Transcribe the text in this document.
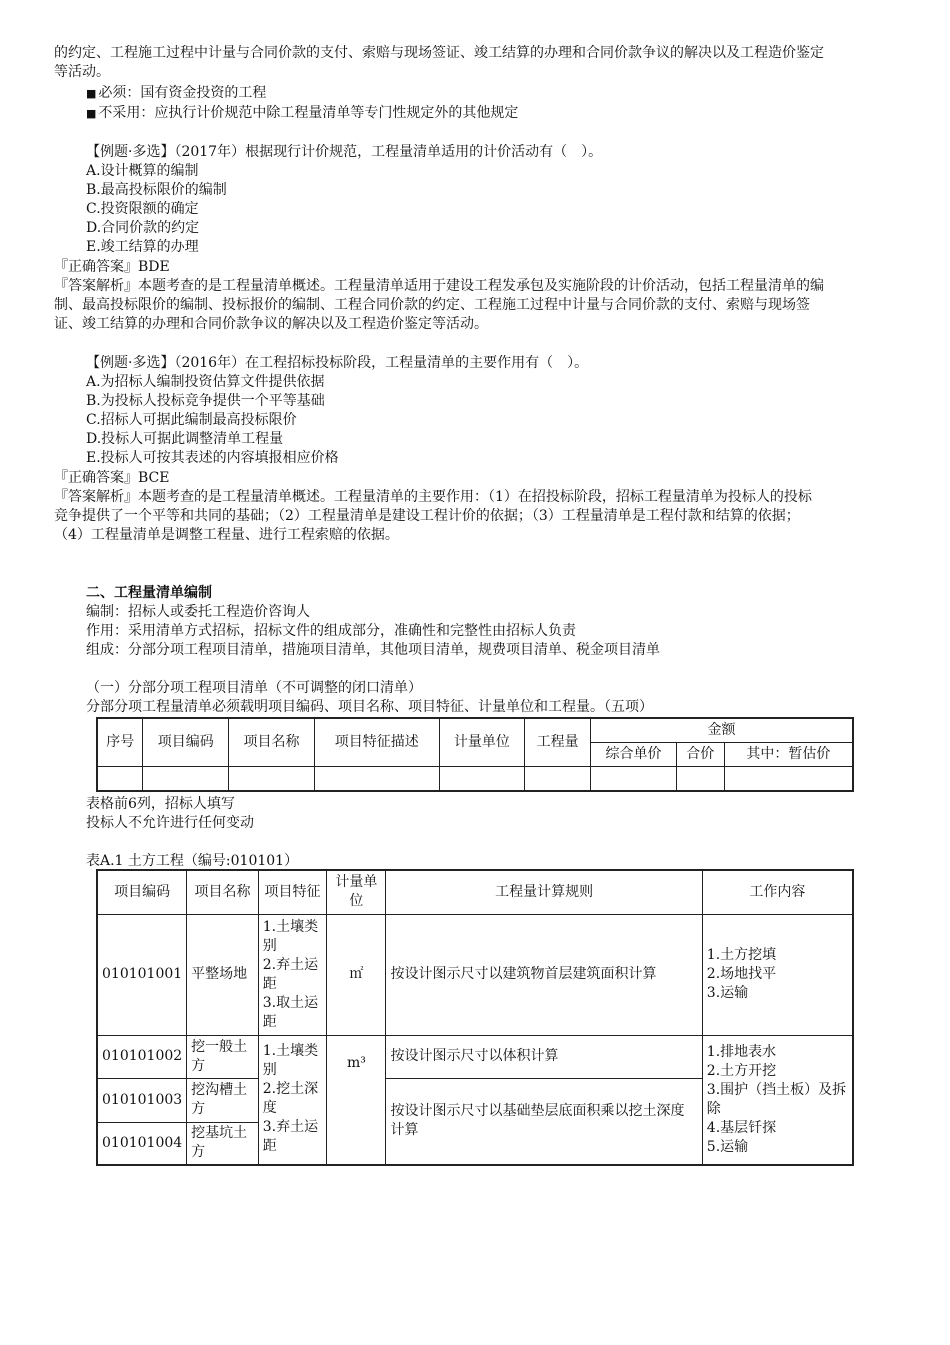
的约定、工程施工过程中计量与合同价款的支付、索赔与现场签证、竣工结算的办理和合同价款争议的解决以及工程造价鉴定
等活动。
■ 必须：国有资金投资的工程
■ 不采用：应执行计价规范中除工程量清单等专门性规定外的其他规定
【例题·多选】（2017年）根据现行计价规范，工程量清单适用的计价活动有（　）。
A.设计概算的编制
B.最高投标限价的编制
C.投资限额的确定
D.合同价款的约定
E.竣工结算的办理
『正确答案』BDE
『答案解析』本题考查的是工程量清单概述。工程量清单适用于建设工程发承包及实施阶段的计价活动，包括工程量清单的编
制、最高投标限价的编制、投标报价的编制、工程合同价款的约定、工程施工过程中计量与合同价款的支付、索赔与现场签
证、竣工结算的办理和合同价款争议的解决以及工程造价鉴定等活动。
【例题·多选】（2016年）在工程招标投标阶段，工程量清单的主要作用有（　）。
A.为招标人编制投资估算文件提供依据
B.为投标人投标竞争提供一个平等基础
C.招标人可据此编制最高投标限价
D.投标人可据此调整清单工程量
E.投标人可按其表述的内容填报相应价格
『正确答案』BCE
『答案解析』本题考查的是工程量清单概述。工程量清单的主要作用：（1）在招投标阶段，招标工程量清单为投标人的投标
竞争提供了一个平等和共同的基础；（2）工程量清单是建设工程计价的依据；（3）工程量清单是工程付款和结算的依据；
（4）工程量清单是调整工程量、进行工程索赔的依据。
二、工程量清单编制
编制：招标人或委托工程造价咨询人
作用：采用清单方式招标，招标文件的组成部分，准确性和完整性由招标人负责
组成：分部分项工程项目清单，措施项目清单，其他项目清单，规费项目清单、税金项目清单
（一）分部分项工程项目清单（不可调整的闭口清单）
分部分项工程量清单必须载明项目编码、项目名称、项目特征、计量单位和工程量。（五项）
序号	项目编码	项目名称	项目特征描述	计量单位	工程量	金额		
						综合单价	合价	其中：暂估价

表格前6列，招标人填写
投标人不允许进行任何变动
表A.1 土方工程（编号:010101）
项目编码	项目名称	项目特征	计量单位	工程量计算规则	工作内容
010101001	平整场地	1.土壤类别
2.弃土运距
3.取土运距	㎡	按设计图示尺寸以建筑物首层建筑面积计算	1.土方挖填
2.场地找平
3.运输
010101002	挖一般土方	1.土壤类别
2.挖土深度
3.弃土运距	m³	按设计图示尺寸以体积计算	1.排地表水
2.土方开挖
3.围护（挡土板）及拆除
4.基层钎探
5.运输
010101003	挖沟槽土方			按设计图示尺寸以基础垫层底面积乘以挖土深度计算	
010101004	挖基坑土方				
